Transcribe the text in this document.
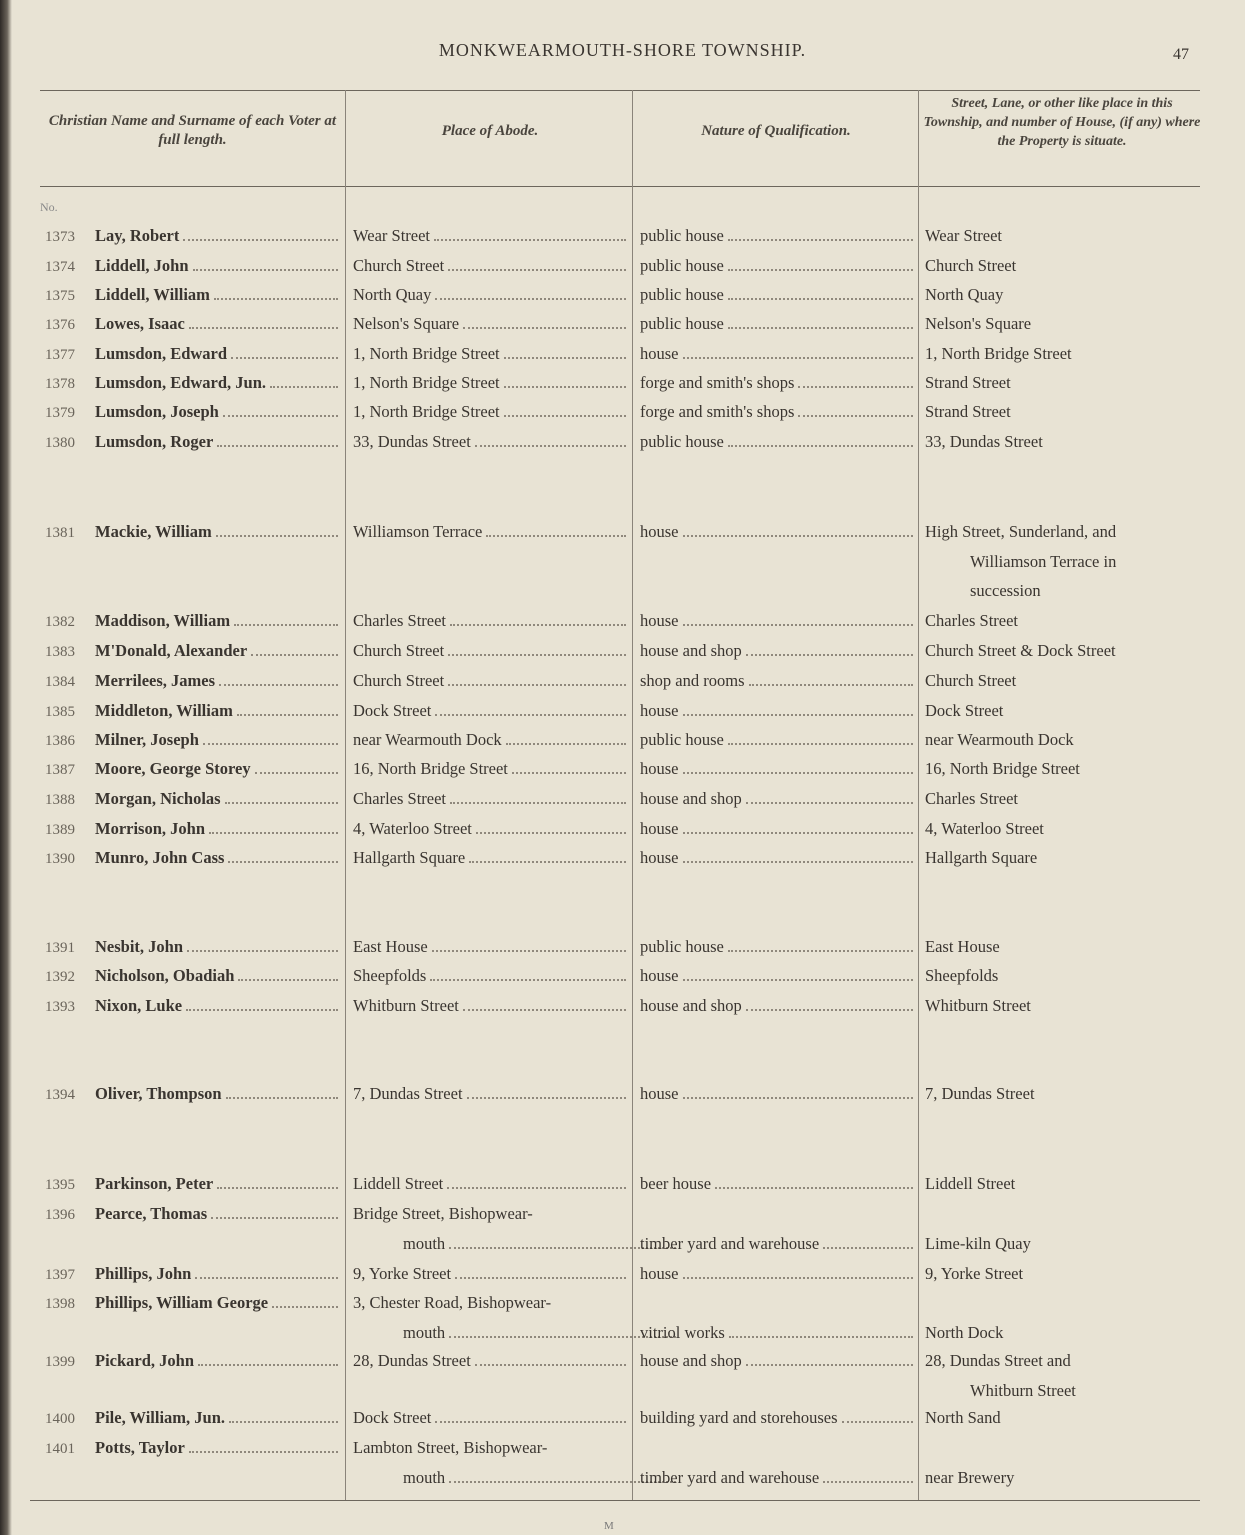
MONKWEARMOUTH-SHORE TOWNSHIP.	47
Christian Name and Surname of each Voter at full length.
Place of Abode.	Nature of Qualification.
Street, Lane, or other like place in this Township, and number of House, (if any) where the Property is situate.
No.
1373 Lay, Robert	Wear Street	public house	Wear Street
1374 Liddell, John	Church Street	public house	Church Street
1375 Liddell, William	North Quay	public house	North Quay
1376 Lowes, Isaac	Nelson's Square	public house	Nelson's Square
1377 Lumsdon, Edward	1, North Bridge Street	house	1, North Bridge Street
1378 Lumsdon, Edward, Jun.	1, North Bridge Street	forge and smith's shops	Strand Street
1379 Lumsdon, Joseph	1, North Bridge Street	forge and smith's shops	Strand Street
1380 Lumsdon, Roger	33, Dundas Street	public house	33, Dundas Street
1381 Mackie, William	Williamson Terrace	house	High Street, Sunderland, and
Williamson Terrace in
succession
1382 Maddison, William	Charles Street	house	Charles Street
1383 M'Donald, Alexander	Church Street	house and shop	Church Street & Dock Street
1384 Merrilees, James	Church Street	shop and rooms	Church Street
1385 Middleton, William	Dock Street	house	Dock Street
1386 Milner, Joseph	near Wearmouth Dock	public house	near Wearmouth Dock
1387 Moore, George Storey	16, North Bridge Street	house	16, North Bridge Street
1388 Morgan, Nicholas	Charles Street	house and shop	Charles Street
1389 Morrison, John	4, Waterloo Street	house	4, Waterloo Street
1390 Munro, John Cass	Hallgarth Square	house	Hallgarth Square
1391 Nesbit, John	East House	public house	East House
1392 Nicholson, Obadiah	Sheepfolds	house	Sheepfolds
1393 Nixon, Luke	Whitburn Street	house and shop	Whitburn Street
1394 Oliver, Thompson	7, Dundas Street	house	7, Dundas Street
1395 Parkinson, Peter	Liddell Street	beer house	Liddell Street
1396 Pearce, Thomas	Bridge Street, Bishopwear-
mouth	timber yard and warehouse	Lime-kiln Quay
1397 Phillips, John	9, Yorke Street	house	9, Yorke Street
1398 Phillips, William George	3, Chester Road, Bishopwear-
mouth	vitriol works	North Dock
1399 Pickard, John	28, Dundas Street	house and shop	28, Dundas Street and
Whitburn Street
1400 Pile, William, Jun.	Dock Street	building yard and storehouses	North Sand
1401 Potts, Taylor	Lambton Street, Bishopwear-
mouth	timber yard and warehouse	near Brewery
M
